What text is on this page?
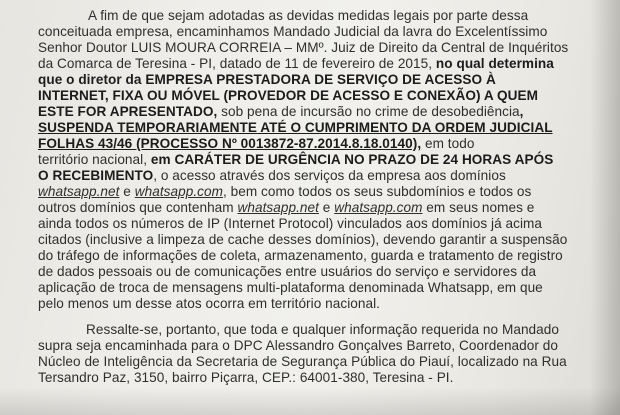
A fim de que sejam adotadas as devidas medidas legais por parte dessa
conceituada empresa, encaminhamos Mandado Judicial da lavra do Excelentíssimo
Senhor Doutor LUIS MOURA CORREIA – MMº. Juiz de Direito da Central de Inquéritos
da Comarca de Teresina - PI, datado de 11 de fevereiro de 2015, no qual determina
que o diretor da EMPRESA PRESTADORA DE SERVIÇO DE ACESSO À
INTERNET, FIXA OU MÓVEL (PROVEDOR DE ACESSO E CONEXÃO) A QUEM
ESTE FOR APRESENTADO, sob pena de incursão no crime de desobediência,
SUSPENDA TEMPORARIAMENTE ATÉ O CUMPRIMENTO DA ORDEM JUDICIAL
FOLHAS 43/46 (PROCESSO Nº 0013872-87.2014.8.18.0140), em todo
território nacional, em CARÁTER DE URGÊNCIA NO PRAZO DE 24 HORAS APÓS
O RECEBIMENTO, o acesso através dos serviços da empresa aos domínios
whatsapp.net e whatsapp.com, bem como todos os seus subdomínios e todos os
outros domínios que contenham whatsapp.net e whatsapp.com em seus nomes e
ainda todos os números de IP (Internet Protocol) vinculados aos domínios já acima
citados (inclusive a limpeza de cache desses domínios), devendo garantir a suspensão
do tráfego de informações de coleta, armazenamento, guarda e tratamento de registro
de dados pessoais ou de comunicações entre usuários do serviço e servidores da
aplicação de troca de mensagens multi-plataforma denominada Whatsapp, em que
pelo menos um desse atos ocorra em território nacional.
Ressalte-se, portanto, que toda e qualquer informação requerida no Mandado
supra seja encaminhada para o DPC Alessandro Gonçalves Barreto, Coordenador do
Núcleo de Inteligência da Secretaria de Segurança Pública do Piauí, localizado na Rua
Tersandro Paz, 3150, bairro Piçarra, CEP.: 64001-380, Teresina - PI.
